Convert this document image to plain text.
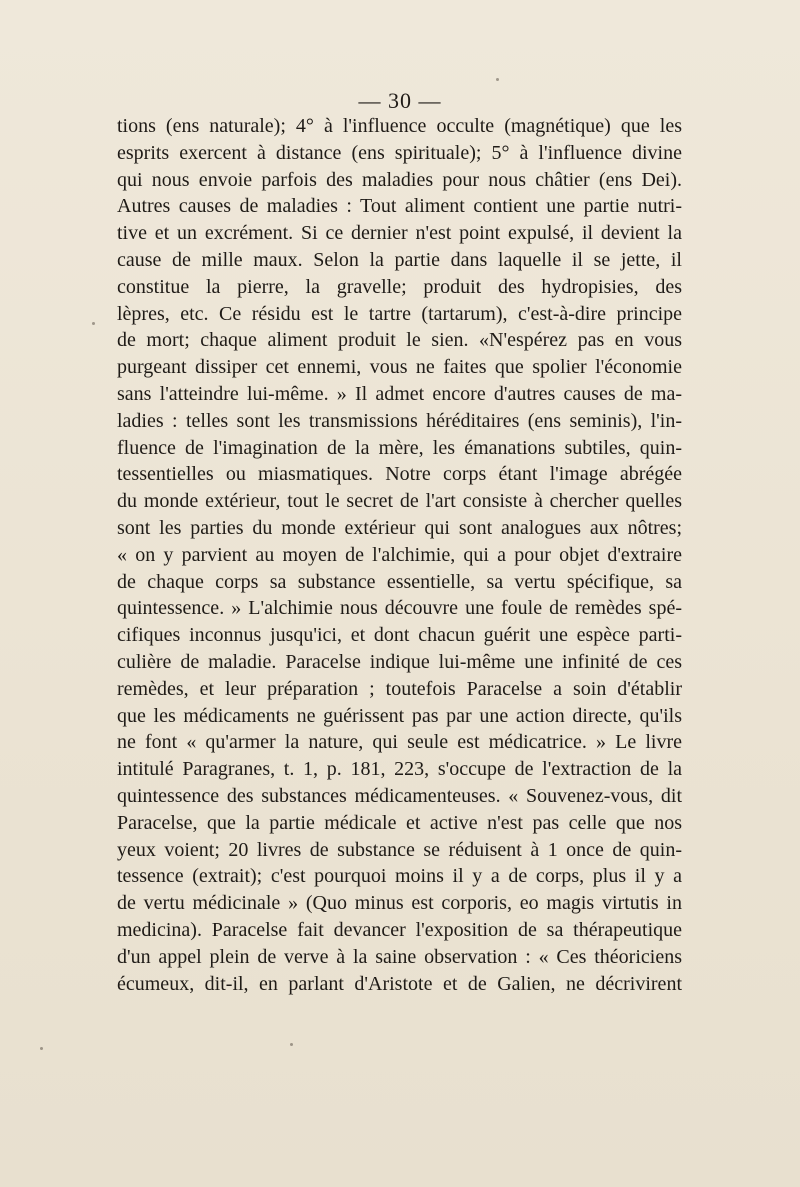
— 30 —
tions (ens naturale); 4° à l'influence occulte (magnétique) que les
esprits exercent à distance (ens spirituale); 5° à l'influence divine
qui nous envoie parfois des maladies pour nous châtier (ens Dei).
Autres causes de maladies : Tout aliment contient une partie nutri-
tive et un excrément. Si ce dernier n'est point expulsé, il devient la
cause de mille maux. Selon la partie dans laquelle il se jette, il
constitue la pierre, la gravelle; produit des hydropisies, des
lèpres, etc. Ce résidu est le tartre (tartarum), c'est-à-dire principe
de mort; chaque aliment produit le sien. «N'espérez pas en vous
purgeant dissiper cet ennemi, vous ne faites que spolier l'économie
sans l'atteindre lui-même. » Il admet encore d'autres causes de ma-
ladies : telles sont les transmissions héréditaires (ens seminis), l'in-
fluence de l'imagination de la mère, les émanations subtiles, quin-
tessentielles ou miasmatiques. Notre corps étant l'image abrégée
du monde extérieur, tout le secret de l'art consiste à chercher quelles
sont les parties du monde extérieur qui sont analogues aux nôtres;
« on y parvient au moyen de l'alchimie, qui a pour objet d'extraire
de chaque corps sa substance essentielle, sa vertu spécifique, sa
quintessence. » L'alchimie nous découvre une foule de remèdes spé-
cifiques inconnus jusqu'ici, et dont chacun guérit une espèce parti-
culière de maladie. Paracelse indique lui-même une infinité de ces
remèdes, et leur préparation ; toutefois Paracelse a soin d'établir
que les médicaments ne guérissent pas par une action directe, qu'ils
ne font « qu'armer la nature, qui seule est médicatrice. » Le livre
intitulé Paragranes, t. 1, p. 181, 223, s'occupe de l'extraction de la
quintessence des substances médicamenteuses. « Souvenez-vous, dit
Paracelse, que la partie médicale et active n'est pas celle que nos
yeux voient; 20 livres de substance se réduisent à 1 once de quin-
tessence (extrait); c'est pourquoi moins il y a de corps, plus il y a
de vertu médicinale » (Quo minus est corporis, eo magis virtutis in
medicina). Paracelse fait devancer l'exposition de sa thérapeutique
d'un appel plein de verve à la saine observation : « Ces théoriciens
écumeux, dit-il, en parlant d'Aristote et de Galien, ne décrivirent
